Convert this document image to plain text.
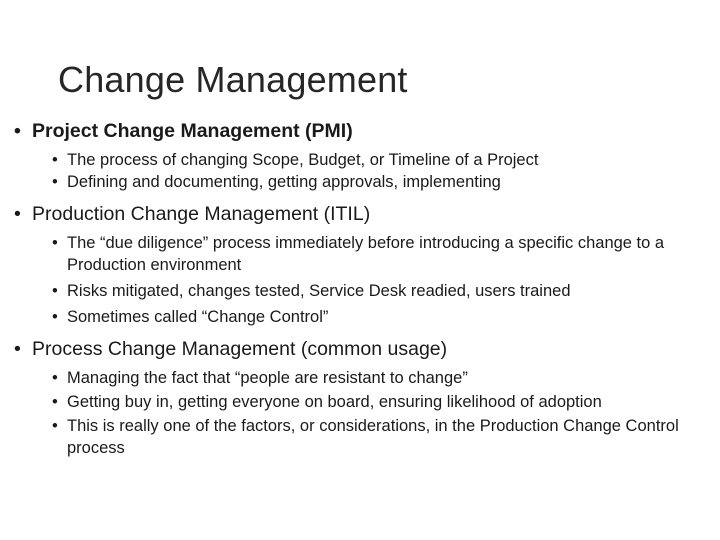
Change Management
• Project Change Management (PMI)
• The process of changing Scope, Budget, or Timeline of a Project
• Defining and documenting, getting approvals, implementing
• Production Change Management (ITIL)
• The “due diligence” process immediately before introducing a specific change to a Production environment
• Risks mitigated, changes tested, Service Desk readied, users trained
• Sometimes called “Change Control”
• Process Change Management (common usage)
• Managing the fact that “people are resistant to change”
• Getting buy in, getting everyone on board, ensuring likelihood of adoption
• This is really one of the factors, or considerations, in the Production Change Control process
